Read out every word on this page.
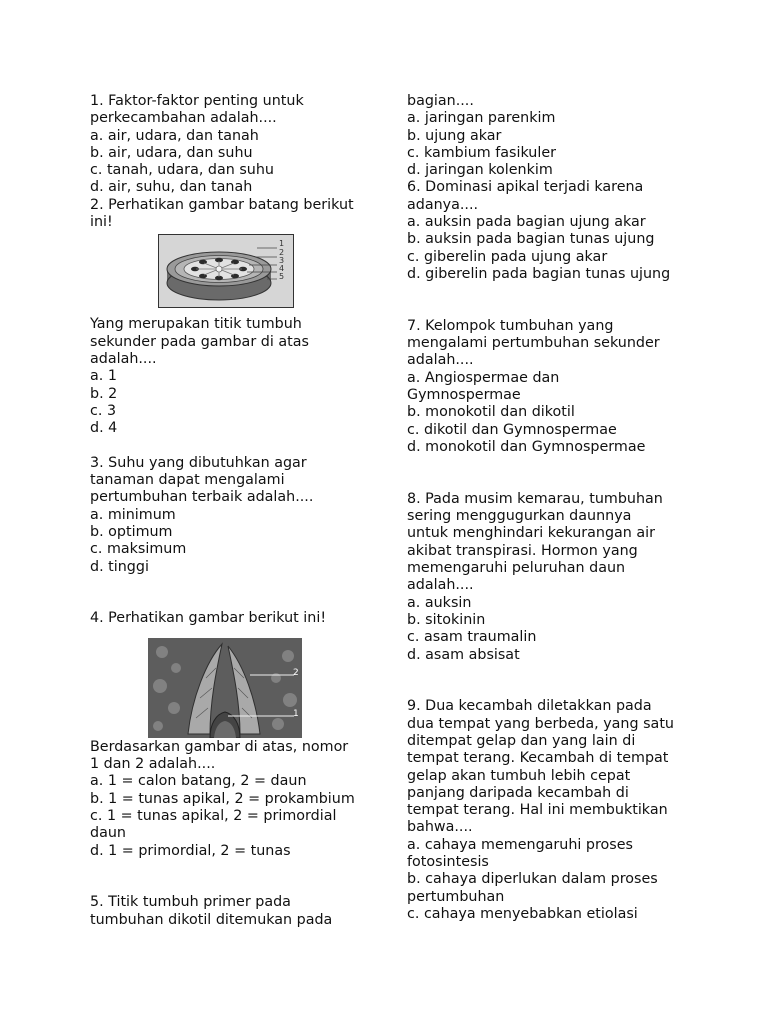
1. Faktor-faktor penting untuk
perkecambahan adalah....
a. air, udara, dan tanah
b. air, udara, dan suhu
c. tanah, udara, dan suhu
d. air, suhu, dan tanah
2. Perhatikan gambar batang berikut
ini!
1
2
3
4
5
Yang merupakan titik tumbuh
sekunder pada gambar di atas
adalah....
a. 1
b. 2
c. 3
d. 4
3. Suhu yang dibutuhkan agar
tanaman dapat mengalami
pertumbuhan terbaik adalah....
a. minimum
b. optimum
c. maksimum
d. tinggi
4. Perhatikan gambar berikut ini!
2
1
Berdasarkan gambar di atas, nomor
1 dan 2 adalah....
a. 1 = calon batang, 2 = daun
b. 1 = tunas apikal, 2 = prokambium
c. 1 = tunas apikal, 2 = primordial
daun
d. 1 = primordial, 2 = tunas
5. Titik tumbuh primer pada
tumbuhan dikotil ditemukan pada
bagian....
a. jaringan parenkim
b. ujung akar
c. kambium fasikuler
d. jaringan kolenkim
6. Dominasi apikal terjadi karena
adanya....
a. auksin pada bagian ujung akar
b. auksin pada bagian tunas ujung
c. giberelin pada ujung akar
d. giberelin pada bagian tunas ujung
7. Kelompok tumbuhan yang
mengalami pertumbuhan sekunder
adalah....
a. Angiospermae dan
Gymnospermae
b. monokotil dan dikotil
c. dikotil dan Gymnospermae
d. monokotil dan Gymnospermae
8. Pada musim kemarau, tumbuhan
sering menggugurkan daunnya
untuk menghindari kekurangan air
akibat transpirasi. Hormon yang
memengaruhi peluruhan daun
adalah....
a. auksin
b. sitokinin
c. asam traumalin
d. asam absisat
9. Dua kecambah diletakkan pada
dua tempat yang berbeda, yang satu
ditempat gelap dan yang lain di
tempat terang. Kecambah di tempat
gelap akan tumbuh lebih cepat
panjang daripada kecambah di
tempat terang. Hal ini membuktikan
bahwa....
a. cahaya memengaruhi proses
fotosintesis
b. cahaya diperlukan dalam proses
pertumbuhan
c. cahaya menyebabkan etiolasi
